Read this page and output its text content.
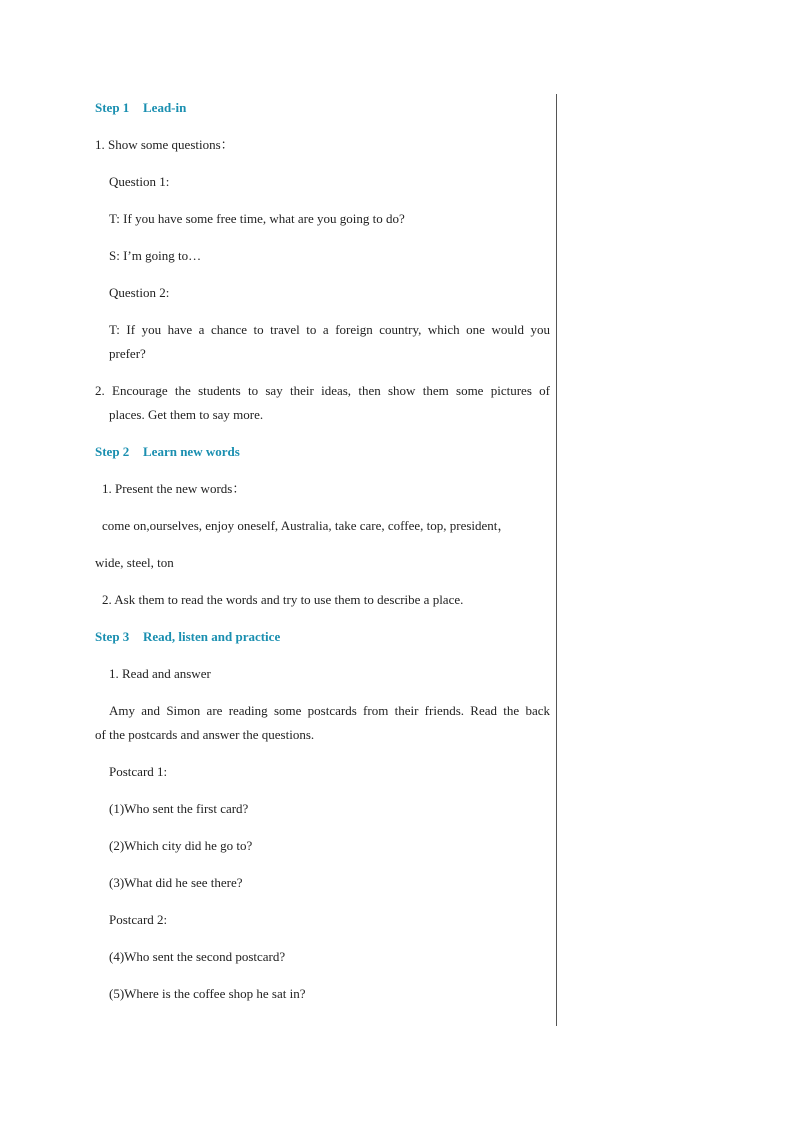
Step 1 Lead-in

1. Show some questions：

Question 1:

T: If you have some free time, what are you going to do?

S: I’m going to…

Question 2:

T: If you have a chance to travel to a foreign country, which one would you

prefer?

2. Encourage the students to say their ideas, then show them some pictures of

places. Get them to say more.

Step 2 Learn new words

1. Present the new words：

come on,ourselves, enjoy oneself, Australia, take care, coffee, top, president，

wide, steel, ton

2. Ask them to read the words and try to use them to describe a place.

Step 3 Read, listen and practice

1. Read and answer

Amy and Simon are reading some postcards from their friends. Read the back

of the postcards and answer the questions.

Postcard 1:

(1)Who sent the first card?

(2)Which city did he go to?

(3)What did he see there?

Postcard 2:

(4)Who sent the second postcard?

(5)Where is the coffee shop he sat in?
